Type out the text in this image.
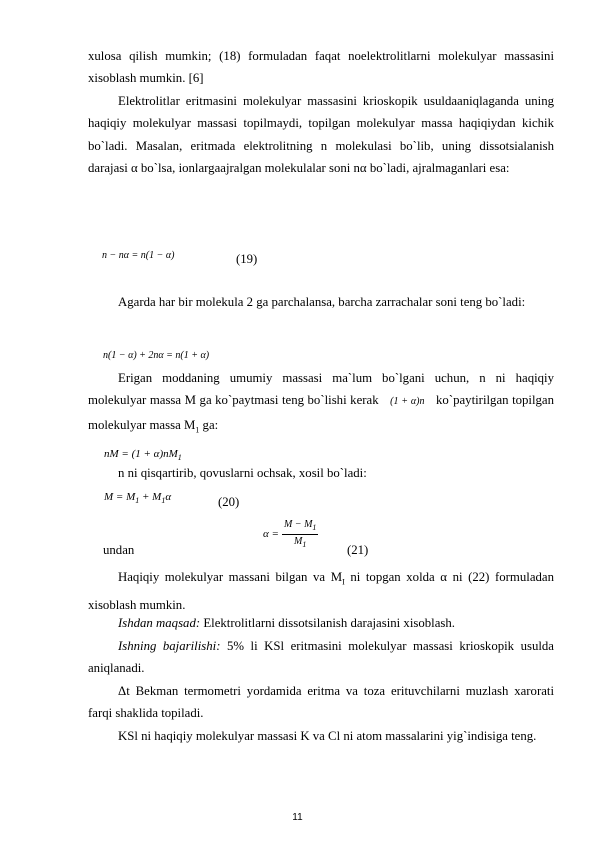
xulosa qilish mumkin; (18) formuladan faqat noelektrolitlarni molekulyar massasini xisoblash mumkin. [6]
Elektrolitlar eritmasini molekulyar massasini krioskopik usuldaaniqlaganda uning haqiqiy molekulyar massasi topilmaydi, topilgan molekulyar massa haqiqiydan kichik bo`ladi. Masalan, eritmada elektrolitning n molekulasi bo`lib, uning dissotsialanish darajasi α bo`lsa, ionlargaajralgan molekulalar soni nα bo`ladi, ajralmaganlari esa:
n − nα = n(1 − α)	(19)
Agarda har bir molekula 2 ga parchalansa, barcha zarrachalar soni teng bo`ladi:
n(1 − α) + 2nα = n(1 + α)
Erigan moddaning umumiy massasi ma`lum bo`lgani uchun, n ni haqiqiy molekulyar massa M ga ko`paytmasi teng bo`lishi kerak (1 + α)n ko`paytirilgan topilgan molekulyar massa $M_1$ ga:
nM = $(1 + \alpha)nM_1$
n ni qisqartirib, qovuslarni ochsak, xosil bo`ladi:
$M = M_1 + M_1\alpha$	(20)
undan
$\alpha = \frac{M - M_1}{M_1} (21)$
Haqiqiy molekulyar massani bilgan va $M_I$ ni topgan xolda α ni (22) formuladan xisoblash mumkin.
Ishdan maqsad: Elektrolitlarni dissotsilanish darajasini xisoblash.
Ishning bajarilishi: 5% li KSl eritmasini molekulyar massasi krioskopik usulda aniqlanadi.
Δt Bekman termometri yordamida eritma va toza erituvchilarni muzlash xarorati farqi shaklida topiladi.
KSl ni haqiqiy molekulyar massasi K va Cl ni atom massalarini yig`indisiga teng.
11
